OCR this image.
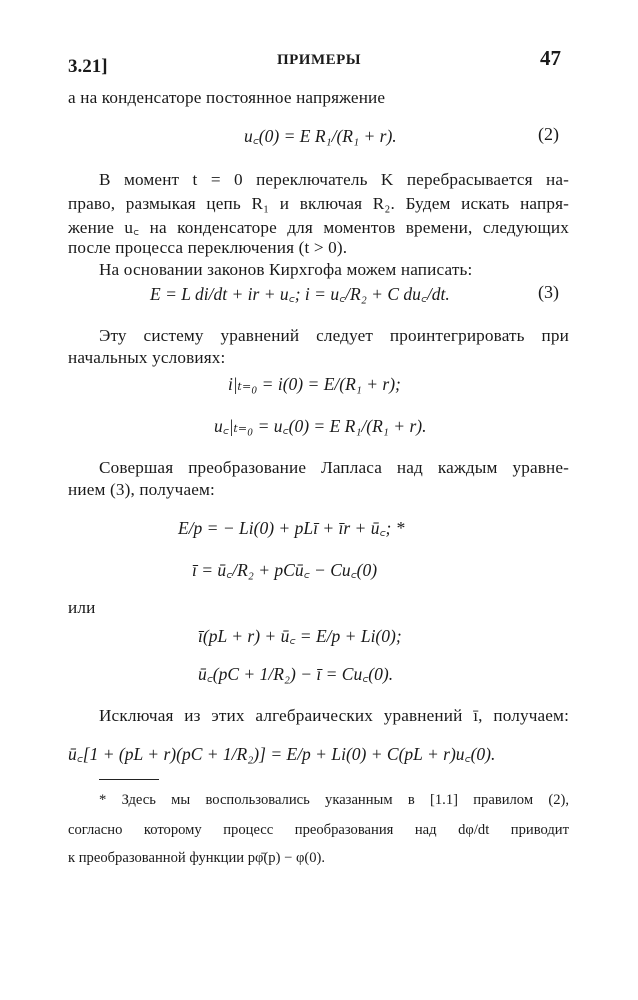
3.21]	ПРИМЕРЫ	47
а на конденсаторе постоянное напряжение
u꜀(0) = E R₁/(R₁ + r).	(2)
В момент t = 0 переключатель K перебрасывается на-
право, размыкая цепь R₁ и включая R₂. Будем искать напря-
жение u꜀ на конденсаторе для моментов времени, следующих
после процесса переключения (t > 0).
На основании законов Кирхгофа можем написать:
E = L di/dt + ir + u꜀; i = u꜀/R₂ + C du꜀/dt.	(3)
Эту систему уравнений следует проинтегрировать при
начальных условиях:
i|ₜ₌₀ = i(0) = E/(R₁ + r);
u꜀|ₜ₌₀ = u꜀(0) = E R₁/(R₁ + r).
Совершая преобразование Лапласа над каждым уравне-
нием (3), получаем:
E/p = − Li(0) + pLī + īr + ū꜀; *
ī = ū꜀/R₂ + pCū꜀ − Cu꜀(0)
или
ī(pL + r) + ū꜀ = E/p + Li(0);
ū꜀(pC + 1/R₂) − ī = Cu꜀(0).
Исключая из этих алгебраических уравнений ī, получаем:
ū꜀[1 + (pL + r)(pC + 1/R₂)] = E/p + Li(0) + C(pL + r)u꜀(0).
* Здесь мы воспользовались указанным в [1.1] правилом (2),
согласно которому процесс преобразования над dφ/dt приводит
к преобразованной функции pφ̄(p) − φ(0).
